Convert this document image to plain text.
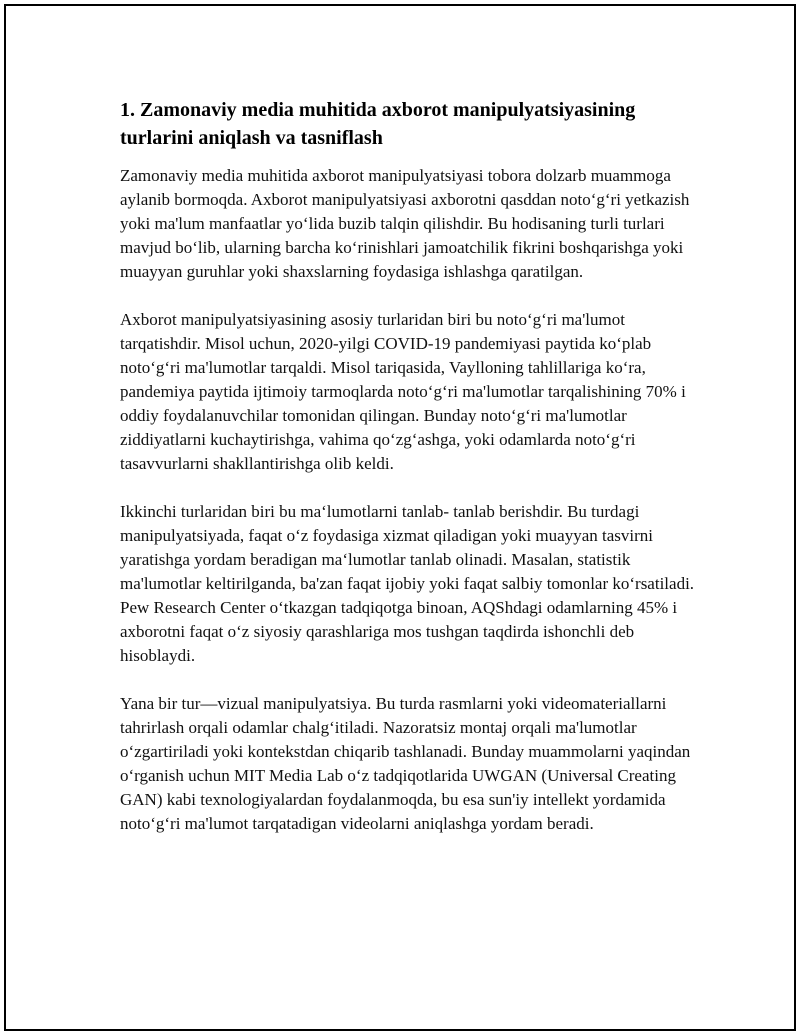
1. Zamonaviy media muhitida axborot manipulyatsiyasining turlarini aniqlash va tasniflash

Zamonaviy media muhitida axborot manipulyatsiyasi tobora dolzarb muammoga aylanib bormoqda. Axborot manipulyatsiyasi axborotni qasddan noto‘g‘ri yetkazish yoki ma'lum manfaatlar yo‘lida buzib talqin qilishdir. Bu hodisaning turli turlari mavjud bo‘lib, ularning barcha ko‘rinishlari jamoatchilik fikrini boshqarishga yoki muayyan guruhlar yoki shaxslarning foydasiga ishlashga qaratilgan.

Axborot manipulyatsiyasining asosiy turlaridan biri bu noto‘g‘ri ma'lumot tarqatishdir. Misol uchun, 2020-yilgi COVID-19 pandemiyasi paytida ko‘plab noto‘g‘ri ma'lumotlar tarqaldi. Misol tariqasida, Vaylloning tahlillariga ko‘ra, pandemiya paytida ijtimoiy tarmoqlarda noto‘g‘ri ma'lumotlar tarqalishining 70% i oddiy foydalanuvchilar tomonidan qilingan. Bunday noto‘g‘ri ma'lumotlar ziddiyatlarni kuchaytirishga, vahima qo‘zg‘ashga, yoki odamlarda noto‘g‘ri tasavvurlarni shakllantirishga olib keldi.

Ikkinchi turlaridan biri bu ma‘lumotlarni tanlab- tanlab berishdir. Bu turdagi manipulyatsiyada, faqat o‘z foydasiga xizmat qiladigan yoki muayyan tasvirni yaratishga yordam beradigan ma‘lumotlar tanlab olinadi. Masalan, statistik ma'lumotlar keltirilganda, ba'zan faqat ijobiy yoki faqat salbiy tomonlar ko‘rsatiladi. Pew Research Center o‘tkazgan tadqiqotga binoan, AQShdagi odamlarning 45% i axborotni faqat o‘z siyosiy qarashlariga mos tushgan taqdirda ishonchli deb hisoblaydi.

Yana bir tur—vizual manipulyatsiya. Bu turda rasmlarni yoki videomateriallarni tahrirlash orqali odamlar chalg‘itiladi. Nazoratsiz montaj orqali ma'lumotlar o‘zgartiriladi yoki kontekstdan chiqarib tashlanadi. Bunday muammolarni yaqindan o‘rganish uchun MIT Media Lab o‘z tadqiqotlarida UWGAN (Universal Creating GAN) kabi texnologiyalardan foydalanmoqda, bu esa sun'iy intellekt yordamida noto‘g‘ri ma'lumot tarqatadigan videolarni aniqlashga yordam beradi.
